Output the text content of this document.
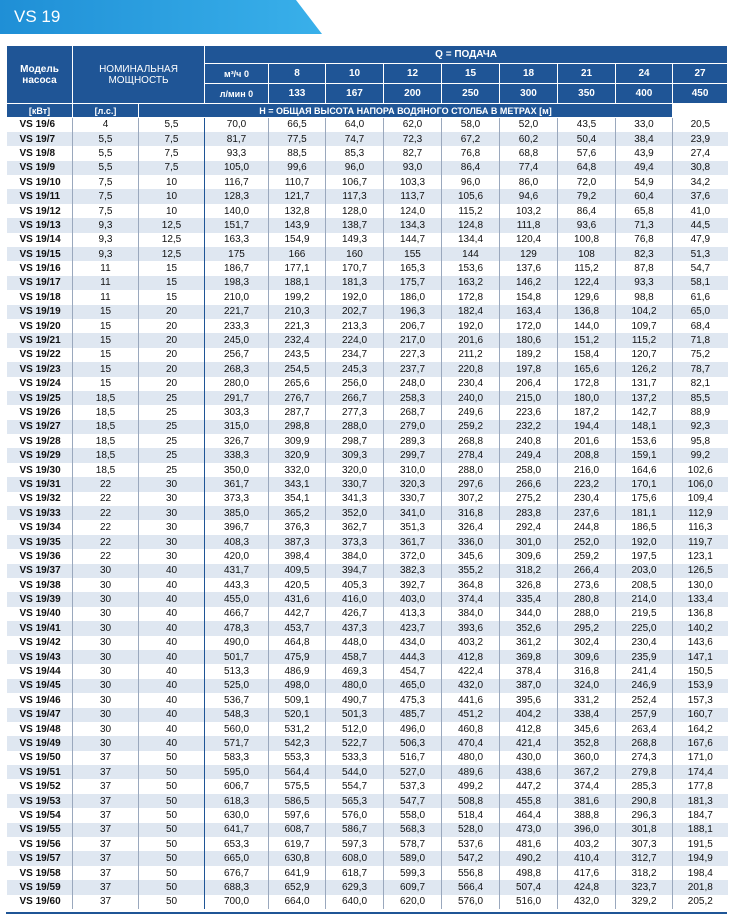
VS 19
Модель насоса	НОМИНАЛЬНАЯ МОЩНОСТЬ		Q = ПОДАЧА								
			м³/ч 0	8	10	12	15	18	21	24	27
			л/мин 0	133	167	200	250	300	350	400	450
[кВт]	[л.с.]	H = ОБЩАЯ ВЫСОТА НАПОРА ВОДЯНОГО СТОЛБА В МЕТРАХ [м]									
VS 19/6	4	5,5	70,0	66,5	64,0	62,0	58,0	52,0	43,5	33,0	20,5
VS 19/7	5,5	7,5	81,7	77,5	74,7	72,3	67,2	60,2	50,4	38,4	23,9
VS 19/8	5,5	7,5	93,3	88,5	85,3	82,7	76,8	68,8	57,6	43,9	27,4
VS 19/9	5,5	7,5	105,0	99,6	96,0	93,0	86,4	77,4	64,8	49,4	30,8
VS 19/10	7,5	10	116,7	110,7	106,7	103,3	96,0	86,0	72,0	54,9	34,2
VS 19/11	7,5	10	128,3	121,7	117,3	113,7	105,6	94,6	79,2	60,4	37,6
VS 19/12	7,5	10	140,0	132,8	128,0	124,0	115,2	103,2	86,4	65,8	41,0
VS 19/13	9,3	12,5	151,7	143,9	138,7	134,3	124,8	111,8	93,6	71,3	44,5
VS 19/14	9,3	12,5	163,3	154,9	149,3	144,7	134,4	120,4	100,8	76,8	47,9
VS 19/15	9,3	12,5	175	166	160	155	144	129	108	82,3	51,3
VS 19/16	11	15	186,7	177,1	170,7	165,3	153,6	137,6	115,2	87,8	54,7
VS 19/17	11	15	198,3	188,1	181,3	175,7	163,2	146,2	122,4	93,3	58,1
VS 19/18	11	15	210,0	199,2	192,0	186,0	172,8	154,8	129,6	98,8	61,6
VS 19/19	15	20	221,7	210,3	202,7	196,3	182,4	163,4	136,8	104,2	65,0
VS 19/20	15	20	233,3	221,3	213,3	206,7	192,0	172,0	144,0	109,7	68,4
VS 19/21	15	20	245,0	232,4	224,0	217,0	201,6	180,6	151,2	115,2	71,8
VS 19/22	15	20	256,7	243,5	234,7	227,3	211,2	189,2	158,4	120,7	75,2
VS 19/23	15	20	268,3	254,5	245,3	237,7	220,8	197,8	165,6	126,2	78,7
VS 19/24	15	20	280,0	265,6	256,0	248,0	230,4	206,4	172,8	131,7	82,1
VS 19/25	18,5	25	291,7	276,7	266,7	258,3	240,0	215,0	180,0	137,2	85,5
VS 19/26	18,5	25	303,3	287,7	277,3	268,7	249,6	223,6	187,2	142,7	88,9
VS 19/27	18,5	25	315,0	298,8	288,0	279,0	259,2	232,2	194,4	148,1	92,3
VS 19/28	18,5	25	326,7	309,9	298,7	289,3	268,8	240,8	201,6	153,6	95,8
VS 19/29	18,5	25	338,3	320,9	309,3	299,7	278,4	249,4	208,8	159,1	99,2
VS 19/30	18,5	25	350,0	332,0	320,0	310,0	288,0	258,0	216,0	164,6	102,6
VS 19/31	22	30	361,7	343,1	330,7	320,3	297,6	266,6	223,2	170,1	106,0
VS 19/32	22	30	373,3	354,1	341,3	330,7	307,2	275,2	230,4	175,6	109,4
VS 19/33	22	30	385,0	365,2	352,0	341,0	316,8	283,8	237,6	181,1	112,9
VS 19/34	22	30	396,7	376,3	362,7	351,3	326,4	292,4	244,8	186,5	116,3
VS 19/35	22	30	408,3	387,3	373,3	361,7	336,0	301,0	252,0	192,0	119,7
VS 19/36	22	30	420,0	398,4	384,0	372,0	345,6	309,6	259,2	197,5	123,1
VS 19/37	30	40	431,7	409,5	394,7	382,3	355,2	318,2	266,4	203,0	126,5
VS 19/38	30	40	443,3	420,5	405,3	392,7	364,8	326,8	273,6	208,5	130,0
VS 19/39	30	40	455,0	431,6	416,0	403,0	374,4	335,4	280,8	214,0	133,4
VS 19/40	30	40	466,7	442,7	426,7	413,3	384,0	344,0	288,0	219,5	136,8
VS 19/41	30	40	478,3	453,7	437,3	423,7	393,6	352,6	295,2	225,0	140,2
VS 19/42	30	40	490,0	464,8	448,0	434,0	403,2	361,2	302,4	230,4	143,6
VS 19/43	30	40	501,7	475,9	458,7	444,3	412,8	369,8	309,6	235,9	147,1
VS 19/44	30	40	513,3	486,9	469,3	454,7	422,4	378,4	316,8	241,4	150,5
VS 19/45	30	40	525,0	498,0	480,0	465,0	432,0	387,0	324,0	246,9	153,9
VS 19/46	30	40	536,7	509,1	490,7	475,3	441,6	395,6	331,2	252,4	157,3
VS 19/47	30	40	548,3	520,1	501,3	485,7	451,2	404,2	338,4	257,9	160,7
VS 19/48	30	40	560,0	531,2	512,0	496,0	460,8	412,8	345,6	263,4	164,2
VS 19/49	30	40	571,7	542,3	522,7	506,3	470,4	421,4	352,8	268,8	167,6
VS 19/50	37	50	583,3	553,3	533,3	516,7	480,0	430,0	360,0	274,3	171,0
VS 19/51	37	50	595,0	564,4	544,0	527,0	489,6	438,6	367,2	279,8	174,4
VS 19/52	37	50	606,7	575,5	554,7	537,3	499,2	447,2	374,4	285,3	177,8
VS 19/53	37	50	618,3	586,5	565,3	547,7	508,8	455,8	381,6	290,8	181,3
VS 19/54	37	50	630,0	597,6	576,0	558,0	518,4	464,4	388,8	296,3	184,7
VS 19/55	37	50	641,7	608,7	586,7	568,3	528,0	473,0	396,0	301,8	188,1
VS 19/56	37	50	653,3	619,7	597,3	578,7	537,6	481,6	403,2	307,3	191,5
VS 19/57	37	50	665,0	630,8	608,0	589,0	547,2	490,2	410,4	312,7	194,9
VS 19/58	37	50	676,7	641,9	618,7	599,3	556,8	498,8	417,6	318,2	198,4
VS 19/59	37	50	688,3	652,9	629,3	609,7	566,4	507,4	424,8	323,7	201,8
VS 19/60	37	50	700,0	664,0	640,0	620,0	576,0	516,0	432,0	329,2	205,2
